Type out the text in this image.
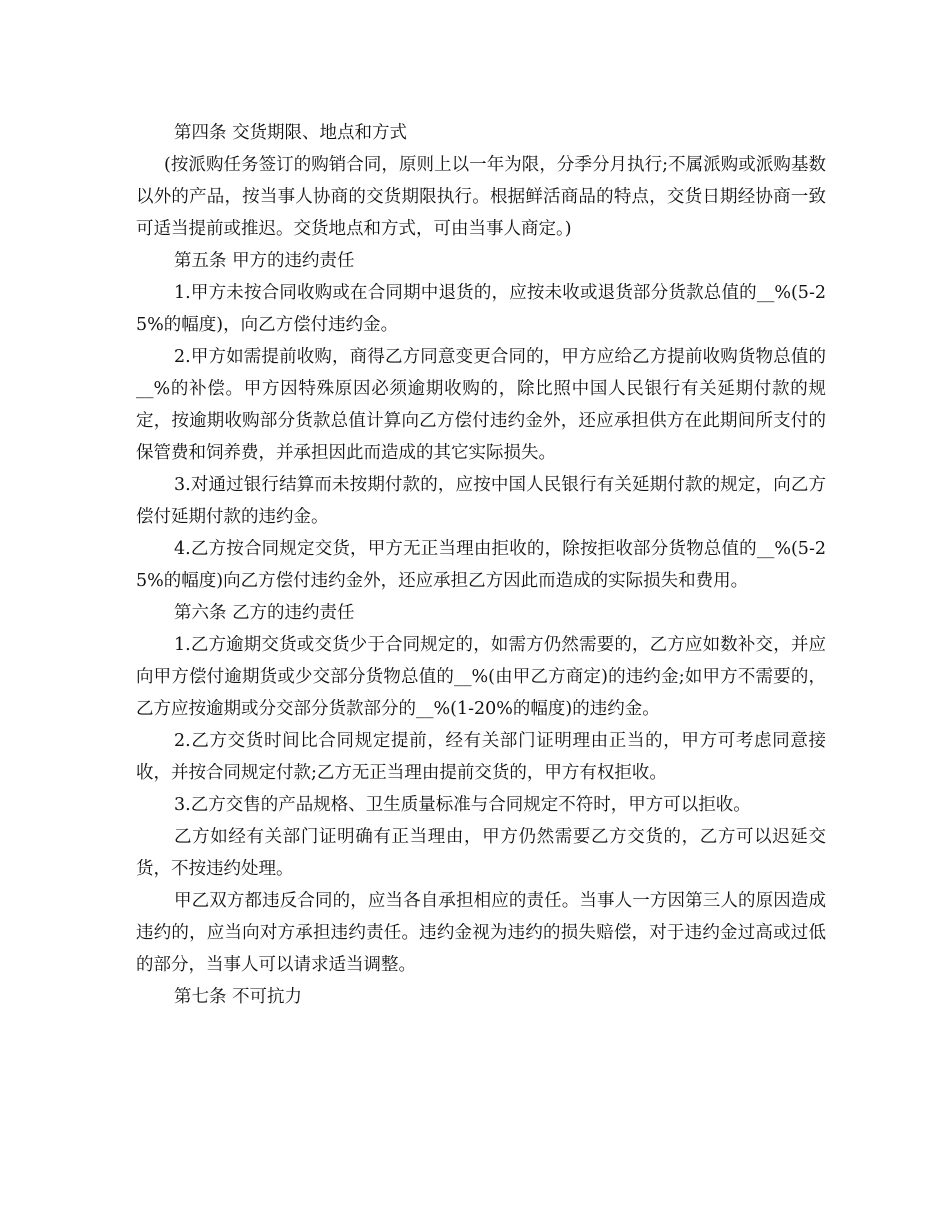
第四条 交货期限、地点和方式

(按派购任务签订的购销合同，原则上以一年为限，分季分月执行;不属派购或派购基数以外的产品，按当事人协商的交货期限执行。根据鲜活商品的特点，交货日期经协商一致可适当提前或推迟。交货地点和方式，可由当事人商定。)

第五条 甲方的违约责任

1.甲方未按合同收购或在合同期中退货的，应按未收或退货部分货款总值的__%(5-25%的幅度)，向乙方偿付违约金。

2.甲方如需提前收购，商得乙方同意变更合同的，甲方应给乙方提前收购货物总值的__%的补偿。甲方因特殊原因必须逾期收购的，除比照中国人民银行有关延期付款的规定，按逾期收购部分货款总值计算向乙方偿付违约金外，还应承担供方在此期间所支付的保管费和饲养费，并承担因此而造成的其它实际损失。

3.对通过银行结算而未按期付款的，应按中国人民银行有关延期付款的规定，向乙方偿付延期付款的违约金。

4.乙方按合同规定交货，甲方无正当理由拒收的，除按拒收部分货物总值的__%(5-25%的幅度)向乙方偿付违约金外，还应承担乙方因此而造成的实际损失和费用。

第六条 乙方的违约责任

1.乙方逾期交货或交货少于合同规定的，如需方仍然需要的，乙方应如数补交，并应向甲方偿付逾期货或少交部分货物总值的__%(由甲乙方商定)的违约金;如甲方不需要的，乙方应按逾期或分交部分货款部分的__%(1-20%的幅度)的违约金。

2.乙方交货时间比合同规定提前，经有关部门证明理由正当的，甲方可考虑同意接收，并按合同规定付款;乙方无正当理由提前交货的，甲方有权拒收。

3.乙方交售的产品规格、卫生质量标准与合同规定不符时，甲方可以拒收。

乙方如经有关部门证明确有正当理由，甲方仍然需要乙方交货的，乙方可以迟延交货，不按违约处理。

甲乙双方都违反合同的，应当各自承担相应的责任。当事人一方因第三人的原因造成违约的，应当向对方承担违约责任。违约金视为违约的损失赔偿，对于违约金过高或过低的部分，当事人可以请求适当调整。

第七条 不可抗力
